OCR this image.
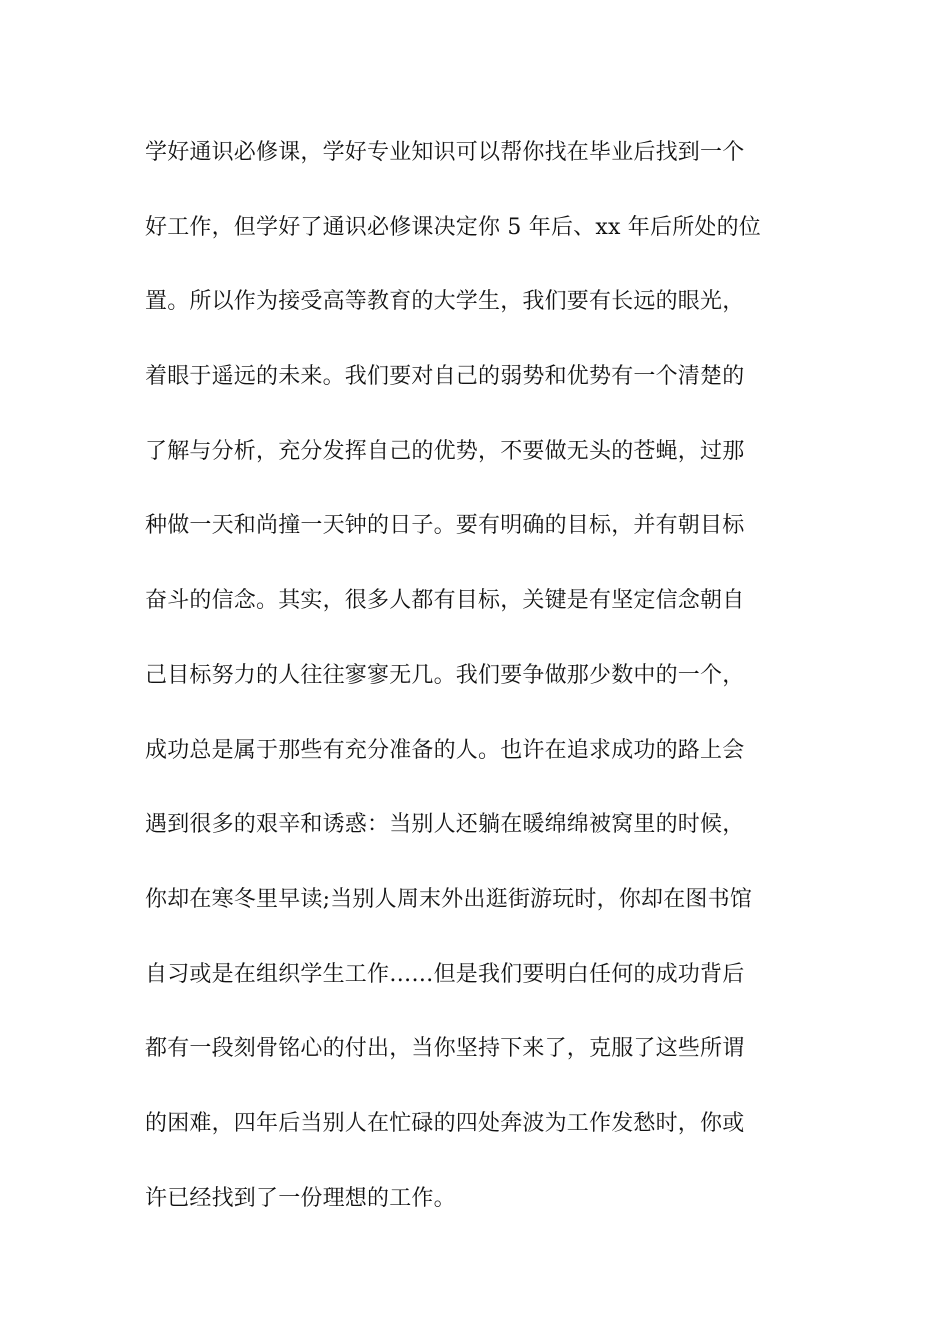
学好通识必修课，学好专业知识可以帮你找在毕业后找到一个
好工作，但学好了通识必修课决定你 5 年后、xx 年后所处的位
置。所以作为接受高等教育的大学生，我们要有长远的眼光，
着眼于遥远的未来。我们要对自己的弱势和优势有一个清楚的
了解与分析，充分发挥自己的优势，不要做无头的苍蝇，过那
种做一天和尚撞一天钟的日子。要有明确的目标，并有朝目标
奋斗的信念。其实，很多人都有目标，关键是有坚定信念朝自
己目标努力的人往往寥寥无几。我们要争做那少数中的一个，
成功总是属于那些有充分准备的人。也许在追求成功的路上会
遇到很多的艰辛和诱惑：当别人还躺在暖绵绵被窝里的时候，
你却在寒冬里早读;当别人周末外出逛街游玩时，你却在图书馆
自习或是在组织学生工作……但是我们要明白任何的成功背后
都有一段刻骨铭心的付出，当你坚持下来了，克服了这些所谓
的困难，四年后当别人在忙碌的四处奔波为工作发愁时，你或
许已经找到了一份理想的工作。
